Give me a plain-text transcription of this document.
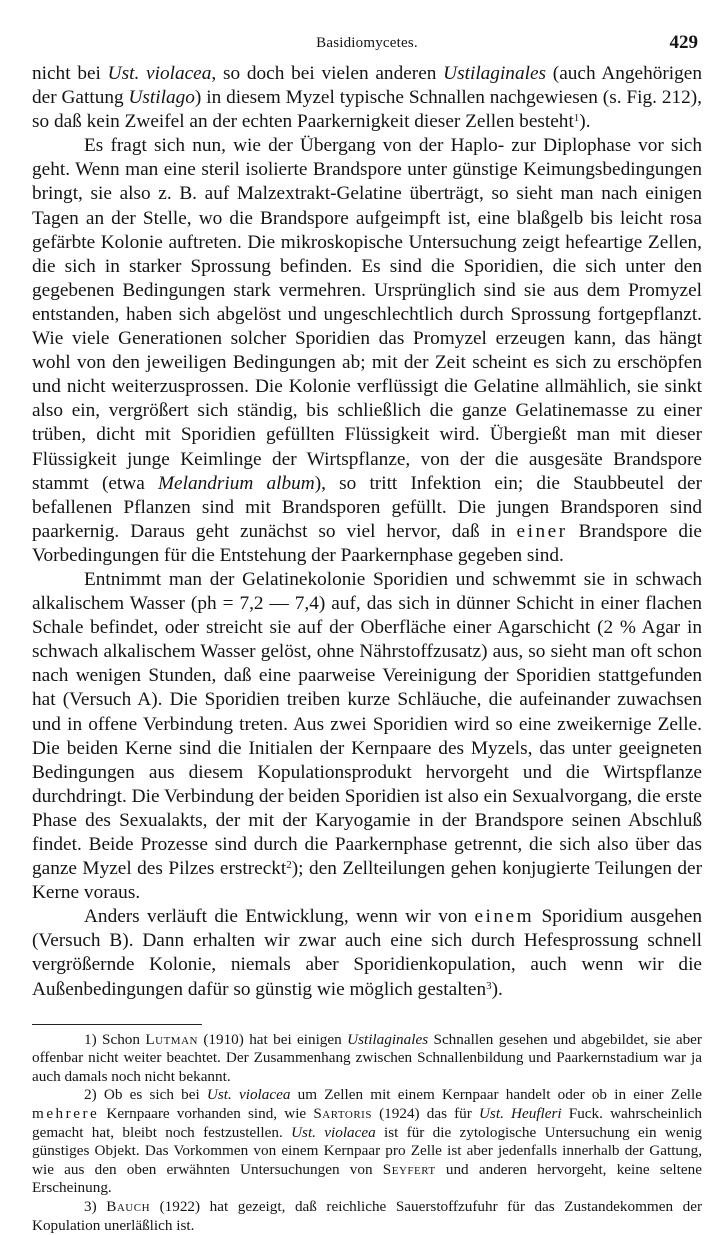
Basidiomycetes.	429

nicht bei Ust. violacea, so doch bei vielen anderen Ustilaginales (auch Angehörigen der Gattung Ustilago) in diesem Myzel typische Schnallen nachgewiesen (s. Fig. 212), so daß kein Zweifel an der echten Paarkernigkeit dieser Zellen besteht$^1$).

Es fragt sich nun, wie der Übergang von der Haplo- zur Diplophase vor sich geht. Wenn man eine steril isolierte Brandspore unter günstige Keimungsbedingungen bringt, sie also z. B. auf Malzextrakt-Gelatine überträgt, so sieht man nach einigen Tagen an der Stelle, wo die Brandspore aufgeimpft ist, eine blaßgelb bis leicht rosa gefärbte Kolonie auftreten. Die mikroskopische Untersuchung zeigt hefeartige Zellen, die sich in starker Sprossung befinden. Es sind die Sporidien, die sich unter den gegebenen Bedingungen stark vermehren. Ursprünglich sind sie aus dem Promyzel entstanden, haben sich abgelöst und ungeschlechtlich durch Sprossung fortgepflanzt. Wie viele Generationen solcher Sporidien das Promyzel erzeugen kann, das hängt wohl von den jeweiligen Bedingungen ab; mit der Zeit scheint es sich zu erschöpfen und nicht weiterzusprossen. Die Kolonie verflüssigt die Gelatine allmählich, sie sinkt also ein, vergrößert sich ständig, bis schließlich die ganze Gelatinemasse zu einer trüben, dicht mit Sporidien gefüllten Flüssigkeit wird. Übergießt man mit dieser Flüssigkeit junge Keimlinge der Wirtspflanze, von der die ausgesäte Brandspore stammt (etwa Melandrium album), so tritt Infektion ein; die Staubbeutel der befallenen Pflanzen sind mit Brandsporen gefüllt. Die jungen Brandsporen sind paarkernig. Daraus geht zunächst so viel hervor, daß in einer Brandspore die Vorbedingungen für die Entstehung der Paarkernphase gegeben sind.

Entnimmt man der Gelatinekolonie Sporidien und schwemmt sie in schwach alkalischem Wasser (ph = 7,2 — 7,4) auf, das sich in dünner Schicht in einer flachen Schale befindet, oder streicht sie auf der Oberfläche einer Agarschicht (2 % Agar in schwach alkalischem Wasser gelöst, ohne Nährstoffzusatz) aus, so sieht man oft schon nach wenigen Stunden, daß eine paarweise Vereinigung der Sporidien stattgefunden hat (Versuch A). Die Sporidien treiben kurze Schläuche, die aufeinander zuwachsen und in offene Verbindung treten. Aus zwei Sporidien wird so eine zweikernige Zelle. Die beiden Kerne sind die Initialen der Kernpaare des Myzels, das unter geeigneten Bedingungen aus diesem Kopulationsprodukt hervorgeht und die Wirtspflanze durchdringt. Die Verbindung der beiden Sporidien ist also ein Sexualvorgang, die erste Phase des Sexualakts, der mit der Karyogamie in der Brandspore seinen Abschluß findet. Beide Prozesse sind durch die Paarkernphase getrennt, die sich also über das ganze Myzel des Pilzes erstreckt$^2$); den Zellteilungen gehen konjugierte Teilungen der Kerne voraus.

Anders verläuft die Entwicklung, wenn wir von einem Sporidium ausgehen (Versuch B). Dann erhalten wir zwar auch eine sich durch Hefesprossung schnell vergrößernde Kolonie, niemals aber Sporidienkopulation, auch wenn wir die Außenbedingungen dafür so günstig wie möglich gestalten$^3$).

1) Schon Lutman (1910) hat bei einigen Ustilaginales Schnallen gesehen und abgebildet, sie aber offenbar nicht weiter beachtet. Der Zusammenhang zwischen Schnallenbildung und Paarkernstadium war ja auch damals noch nicht bekannt.

2) Ob es sich bei Ust. violacea um Zellen mit einem Kernpaar handelt oder ob in einer Zelle mehrere Kernpaare vorhanden sind, wie Sartoris (1924) das für Ust. Heufleri Fuck. wahrscheinlich gemacht hat, bleibt noch festzustellen. Ust. violacea ist für die zytologische Untersuchung ein wenig günstiges Objekt. Das Vorkommen von einem Kernpaar pro Zelle ist aber jedenfalls innerhalb der Gattung, wie aus den oben erwähnten Untersuchungen von Seyfert und anderen hervorgeht, keine seltene Erscheinung.

3) Bauch (1922) hat gezeigt, daß reichliche Sauerstoffzufuhr für das Zustandekommen der Kopulation unerläßlich ist.
